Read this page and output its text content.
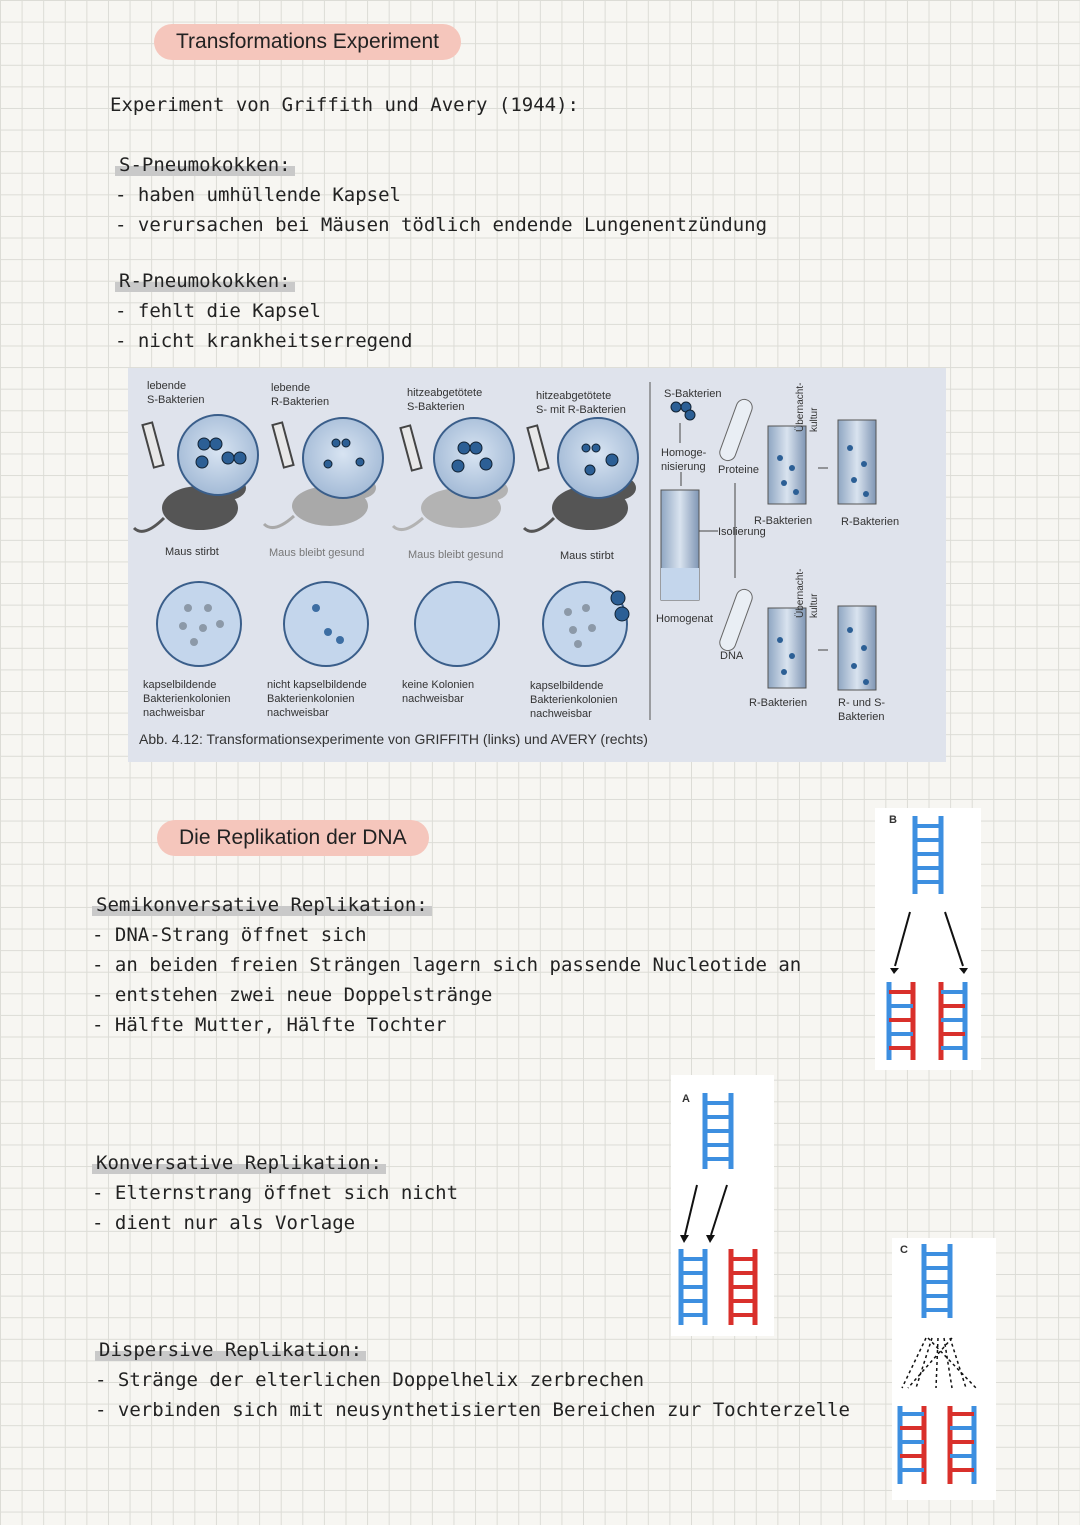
Transformations Experiment
Die Replikation der DNA
Experiment von Griffith und Avery (1944):
S-Pneumokokken:
- haben umhüllende Kapsel
- verursachen bei Mäusen tödlich endende Lungenentzündung
R-Pneumokokken:
- fehlt die Kapsel
- nicht krankheitserregend
lebende
S-Bakterien
lebende
R-Bakterien
hitzeabgetötete
S-Bakterien
hitzeabgetötete
S- mit R-Bakterien
Maus stirbt	Maus bleibt gesund	Maus bleibt gesund	Maus stirbt
kapselbildende
Bakterienkolonien
nachweisbar
nicht kapselbildende
Bakterienkolonien
nachweisbar
keine Kolonien
nachweisbar
kapselbildende
Bakterienkolonien
nachweisbar
S-Bakterien
Homoge-
nisierung Proteine
Isolierung
Homogenat
DNA
R-Bakterien	R-Bakterien
R-Bakterien	R- und S-
Bakterien
Übernacht-
kultur
Übernacht-
kultur
Abb. 4.12: Transformationsexperimente von GRIFFITH (links) und AVERY (rechts)
Semikonversative Replikation:
- DNA-Strang öffnet sich
- an beiden freien Strängen lagern sich passende Nucleotide an
- entstehen zwei neue Doppelstränge
- Hälfte Mutter, Hälfte Tochter
Konversative Replikation:
- Elternstrang öffnet sich nicht
- dient nur als Vorlage
Dispersive Replikation:
- Stränge der elterlichen Doppelhelix zerbrechen
- verbinden sich mit neusynthetisierten Bereichen zur Tochterzelle
B
A
C
